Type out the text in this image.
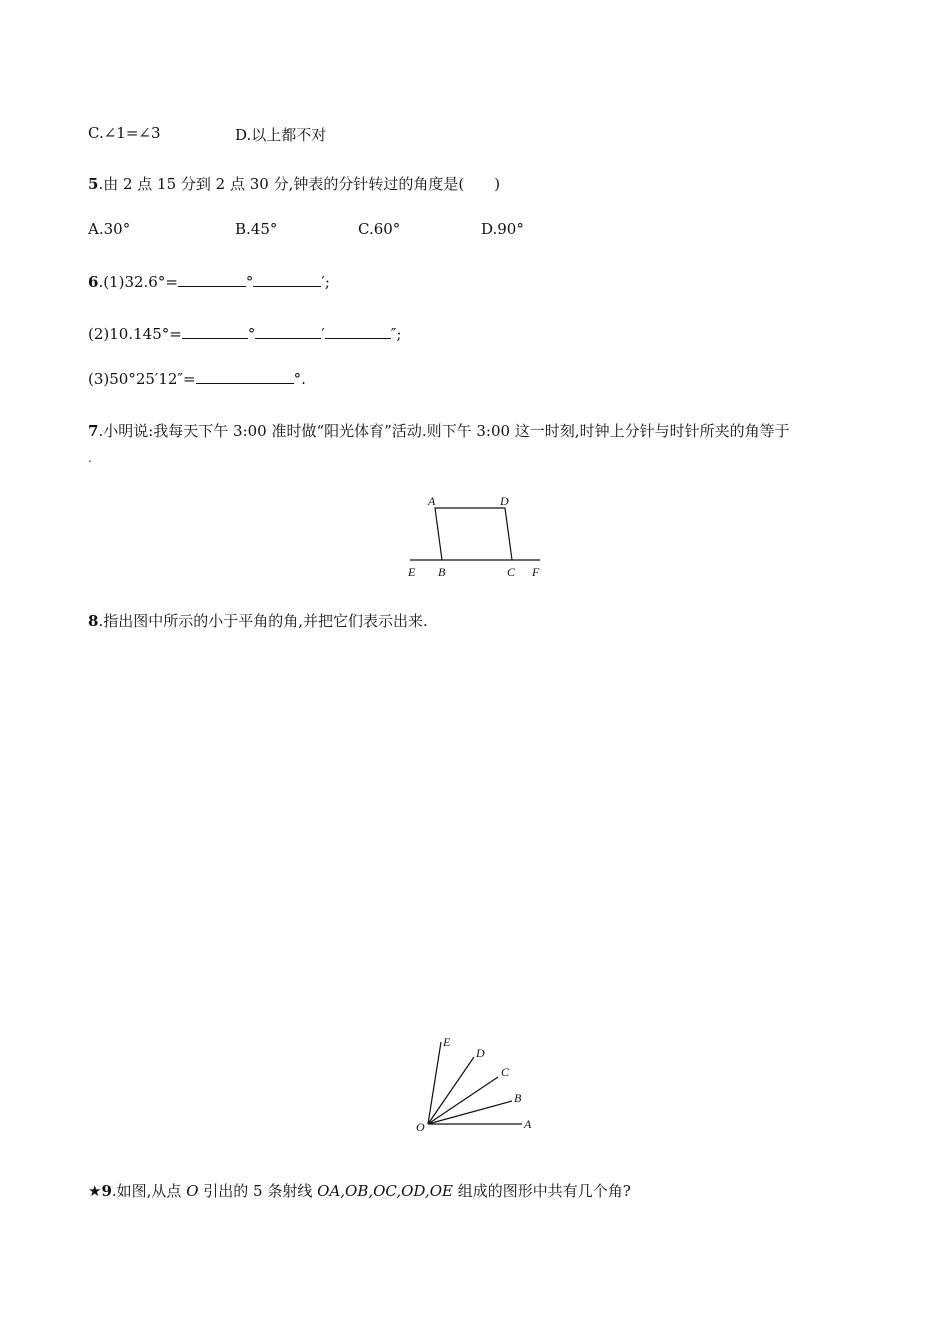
C.∠1=∠3	D.以上都不对
5.由 2 点 15 分到 2 点 30 分,钟表的分针转过的角度是(　　)
A.30°	B.45°	C.60°	D.90°
6.(1)32.6°=	°	′;
(2)10.145°=	°	′	″;
(3)50°25′12″=	°.
7.小明说:我每天下午 3:00 准时做“阳光体育”活动.则下午 3:00 这一时刻,时钟上分针与时针所夹的角等于
.
A	D
E B	C F
8.指出图中所示的小于平角的角,并把它们表示出来.
E
D
C
B
O	A
★9.如图,从点 O 引出的 5 条射线 OA,OB,OC,OD,OE 组成的图形中共有几个角?
